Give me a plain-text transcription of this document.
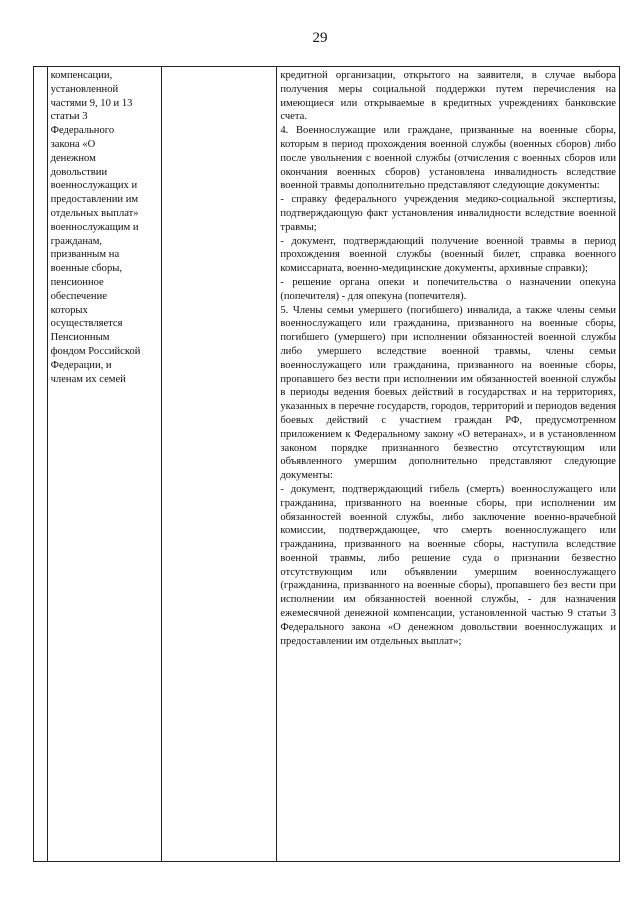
29

компенсации,
установленной
частями 9, 10 и 13
статьи 3
Федерального
закона «О
денежном
довольствии
военнослужащих и
предоставлении им
отдельных выплат»
военнослужащим и
гражданам,
призванным на
военные сборы,
пенсионное
обеспечение
которых
осуществляется
Пенсионным
фондом Российской
Федерации, и
членам их семей

кредитной организации, открытого на заявителя, в случае выбора получения меры социальной поддержки путем перечисления на имеющиеся или открываемые в кредитных учреждениях банковские счета.

4. Военнослужащие или граждане, призванные на военные сборы, которым в период прохождения военной службы (военных сборов) либо после увольнения с военной службы (отчисления с военных сборов или окончания военных сборов) установлена инвалидность вследствие военной травмы дополнительно представляют следующие документы:

- справку федерального учреждения медико-социальной экспертизы, подтверждающую факт установления инвалидности вследствие военной травмы;

- документ, подтверждающий получение военной травмы в период прохождения военной службы (военный билет, справка военного комиссариата, военно-медицинские документы, архивные справки);

- решение органа опеки и попечительства о назначении опекуна (попечителя) - для опекуна (попечителя).

5. Члены семьи умершего (погибшего) инвалида, а также члены семьи военнослужащего или гражданина, призванного на военные сборы, погибшего (умершего) при исполнении обязанностей военной службы либо умершего вследствие военной травмы, члены семьи военнослужащего или гражданина, призванного на военные сборы, пропавшего без вести при исполнении им обязанностей военной службы в периоды ведения боевых действий в государствах и на территориях, указанных в перечне государств, городов, территорий и периодов ведения боевых действий с участием граждан РФ, предусмотренном приложением к Федеральному закону «О ветеранах», и в установленном законом порядке признанного безвестно отсутствующим или объявленного умершим дополнительно представляют следующие документы:

- документ, подтверждающий гибель (смерть) военнослужащего или гражданина, призванного на военные сборы, при исполнении им обязанностей военной службы, либо заключение военно-врачебной комиссии, подтверждающее, что смерть военнослужащего или гражданина, призванного на военные сборы, наступила вследствие военной травмы, либо решение суда о признании безвестно отсутствующим или объявлении умершим военнослужащего (гражданина, призванного на военные сборы), пропавшего без вести при исполнении им обязанностей военной службы, - для назначения ежемесячной денежной компенсации, установленной частью 9 статьи 3 Федерального закона «О денежном довольствии военнослужащих и предоставлении им отдельных выплат»;
